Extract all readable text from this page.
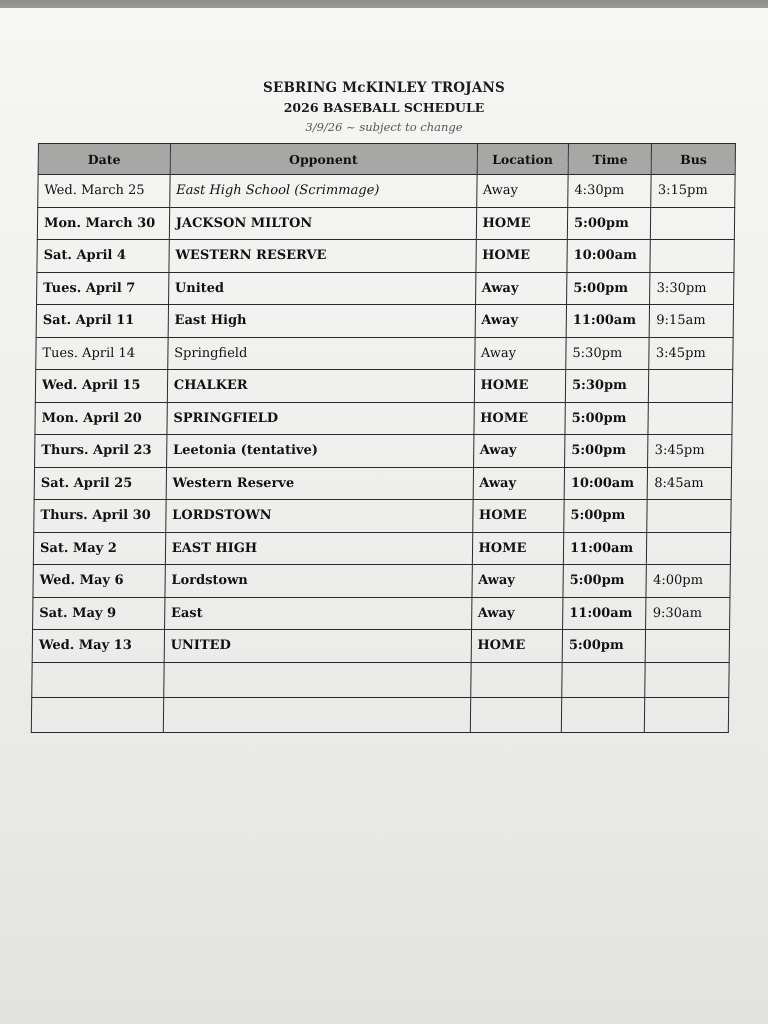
SEBRING McKINLEY TROJANS
2026 BASEBALL SCHEDULE
3/9/26 ~ subject to change
Date	Opponent	Location	Time	Bus
Wed. March 25	East High School (Scrimmage)	Away	4:30pm	3:15pm
Mon. March 30	JACKSON MILTON	HOME	5:00pm	
Sat. April 4	WESTERN RESERVE	HOME	10:00am	
Tues. April 7	United	Away	5:00pm	3:30pm
Sat. April 11	East High	Away	11:00am	9:15am
Tues. April 14	Springfield	Away	5:30pm	3:45pm
Wed. April 15	CHALKER	HOME	5:30pm	
Mon. April 20	SPRINGFIELD	HOME	5:00pm	
Thurs. April 23	Leetonia (tentative)	Away	5:00pm	3:45pm
Sat. April 25	Western Reserve	Away	10:00am	8:45am
Thurs. April 30	LORDSTOWN	HOME	5:00pm	
Sat. May 2	EAST HIGH	HOME	11:00am	
Wed. May 6	Lordstown	Away	5:00pm	4:00pm
Sat. May 9	East	Away	11:00am	9:30am
Wed. May 13	UNITED	HOME	5:00pm	
